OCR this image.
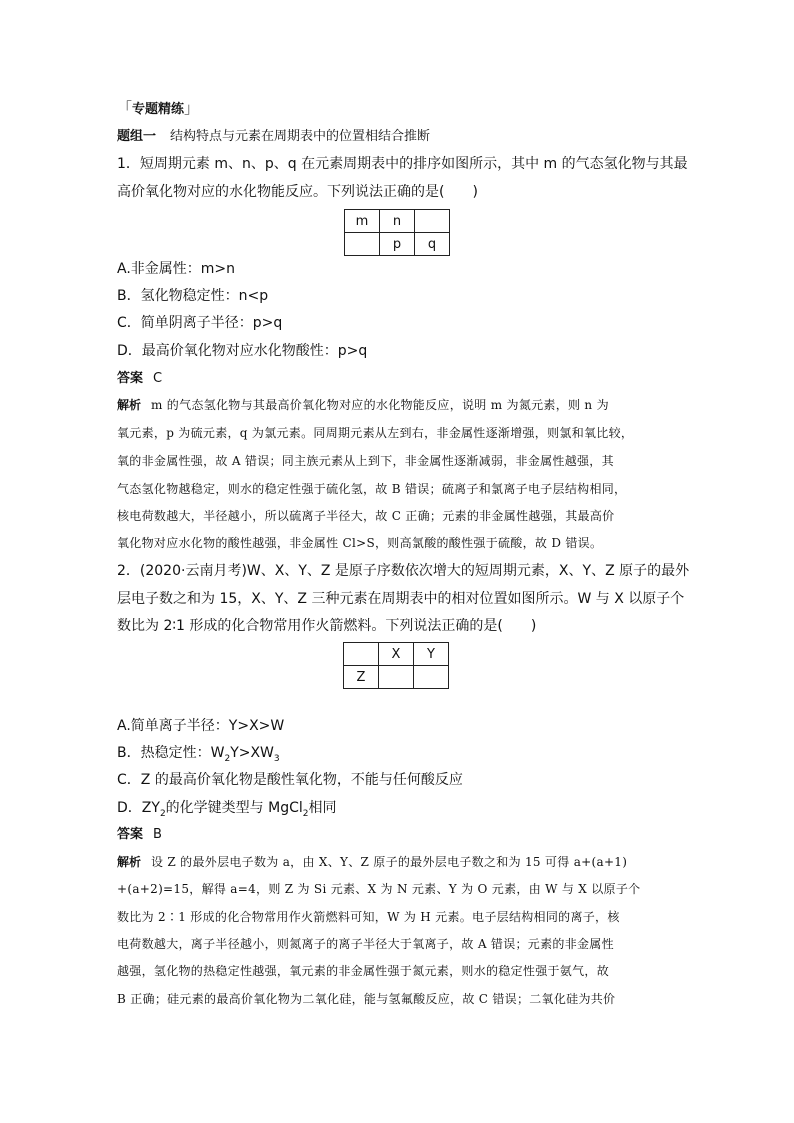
「专题精练」
题组一 结构特点与元素在周期表中的位置相结合推断
1．短周期元素 m、n、p、q 在元素周期表中的排序如图所示，其中 m 的气态氢化物与其最
高价氧化物对应的水化物能反应。下列说法正确的是(　　)
m	n	
	p	q
A.非金属性：m>n
B．氢化物稳定性：n<p
C．简单阴离子半径：p>q
D．最高价氧化物对应水化物酸性：p>q
答案 C
解析 m 的气态氢化物与其最高价氧化物对应的水化物能反应，说明 m 为氮元素，则 n 为
氧元素，p 为硫元素，q 为氯元素。同周期元素从左到右，非金属性逐渐增强，则氯和氧比较，
氧的非金属性强，故 A 错误；同主族元素从上到下，非金属性逐渐减弱，非金属性越强，其
气态氢化物越稳定，则水的稳定性强于硫化氢，故 B 错误；硫离子和氯离子电子层结构相同，
核电荷数越大，半径越小，所以硫离子半径大，故 C 正确；元素的非金属性越强，其最高价
氧化物对应水化物的酸性越强，非金属性 Cl>S，则高氯酸的酸性强于硫酸，故 D 错误。
2．(2020·云南月考)W、X、Y、Z 是原子序数依次增大的短周期元素，X、Y、Z 原子的最外
层电子数之和为 15，X、Y、Z 三种元素在周期表中的相对位置如图所示。W 与 X 以原子个
数比为 2∶1 形成的化合物常用作火箭燃料。下列说法正确的是(　　)
	X	Y
Z		
A.简单离子半径：Y>X>W
B．热稳定性：$W_2Y>XW_3$
C．Z 的最高价氧化物是酸性氧化物，不能与任何酸反应
D．$ZY_2$的化学键类型与 MgCl$_2$相同
答案 B
解析 设 Z 的最外层电子数为 a，由 X、Y、Z 原子的最外层电子数之和为 15 可得 a+(a+1)
+(a+2)=15，解得 a=4，则 Z 为 Si 元素、X 为 N 元素、Y 为 O 元素，由 W 与 X 以原子个
数比为 2∶1 形成的化合物常用作火箭燃料可知，W 为 H 元素。电子层结构相同的离子，核
电荷数越大，离子半径越小，则氮离子的离子半径大于氧离子，故 A 错误；元素的非金属性
越强，氢化物的热稳定性越强，氧元素的非金属性强于氮元素，则水的稳定性强于氨气，故
B 正确；硅元素的最高价氧化物为二氧化硅，能与氢氟酸反应，故 C 错误；二氧化硅为共价
